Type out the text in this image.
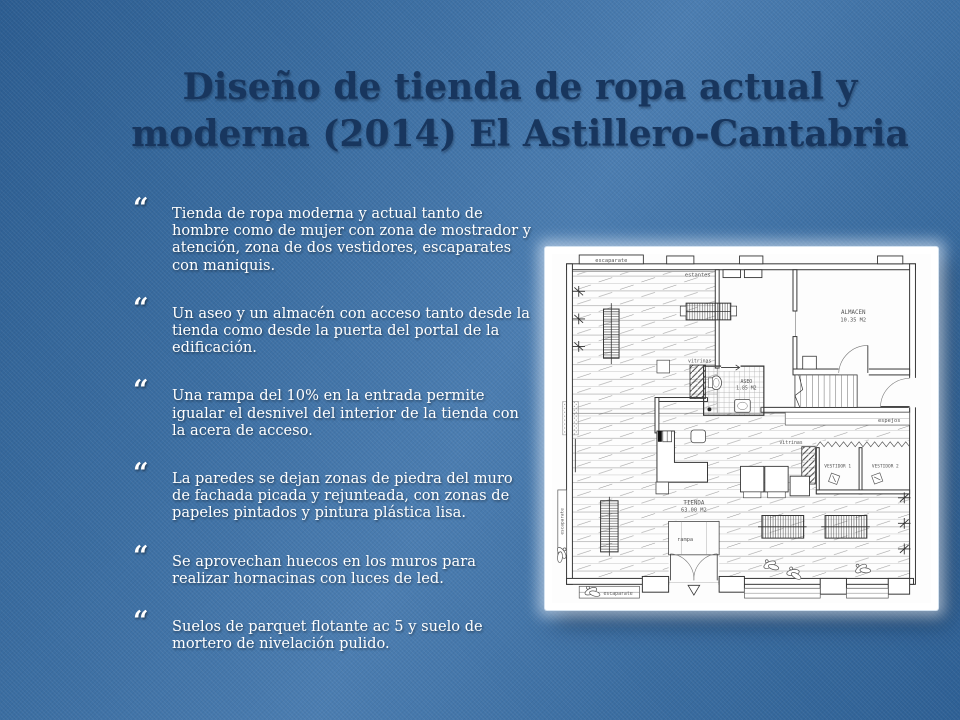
Diseño de tienda de ropa actual y
moderna (2014) El Astillero-Cantabria
“ Tienda de ropa moderna y actual tanto de hombre como de mujer con zona de mostrador y atención, zona de dos vestidores, escaparates con maniquis.
“ Un aseo y un almacén con acceso tanto desde la tienda como desde la puerta del portal de la edificación.
“ Una rampa del 10% en la entrada permite igualar el desnivel del interior de la tienda con la acera de acceso.
“ La paredes se dejan zonas de piedra del muro de fachada picada y rejunteada, con zonas de papeles pintados y pintura plástica lisa.
“ Se aprovechan huecos en los muros para realizar hornacinas con luces de led.
“ Suelos de parquet flotante ac 5 y suelo de mortero de nivelación pulido.
escaparate
estantes
ALMACEN
10.35 M2
ASEO
1.85 M2
espejos
VESTIDOR 1	VESTIDOR 2
vitrinas
vitrinas
TIENDA
63.00 M2
rampa
escaparate
escaparate
